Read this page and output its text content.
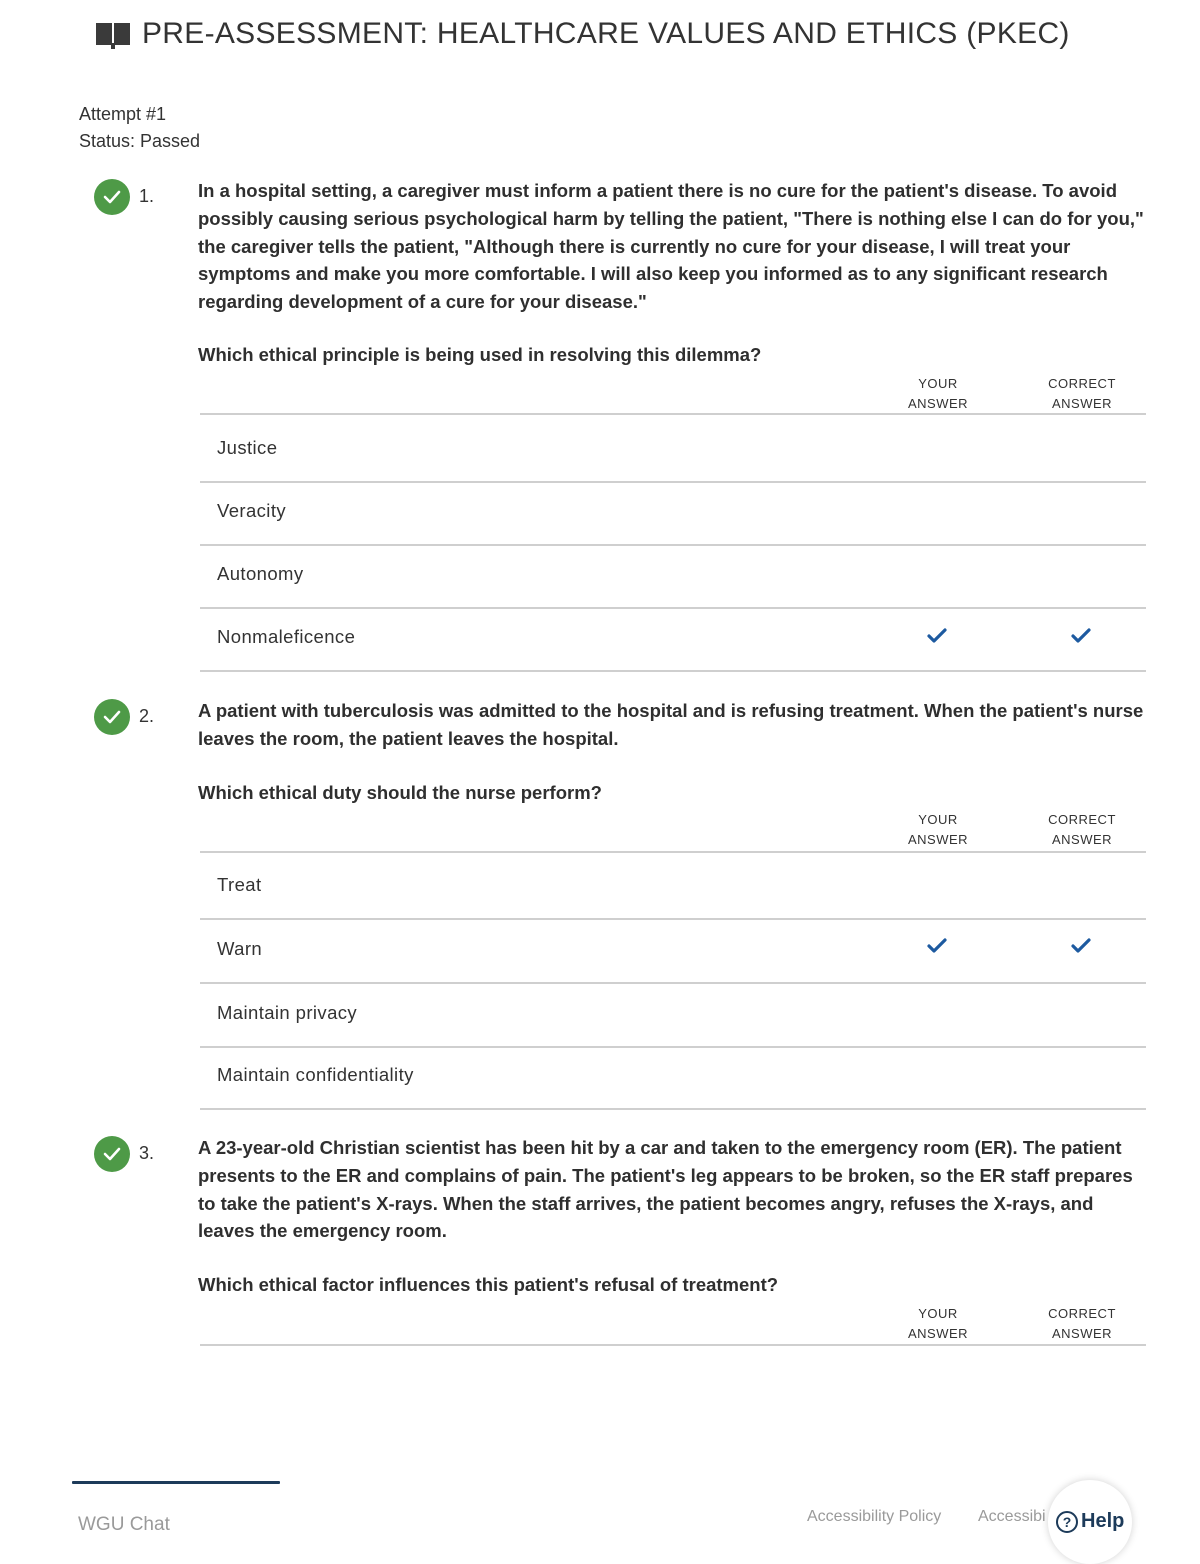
PRE-ASSESSMENT: HEALTHCARE VALUES AND ETHICS (PKEC)
Attempt #1
Status: Passed
1. In a hospital setting, a caregiver must inform a patient there is no cure for the patient's disease. To avoid possibly causing serious psychological harm by telling the patient, "There is nothing else I can do for you," the caregiver tells the patient, "Although there is currently no cure for your disease, I will treat your symptoms and make you more comfortable. I will also keep you informed as to any significant research regarding development of a cure for your disease."
Which ethical principle is being used in resolving this dilemma?
YOUR
ANSWER
CORRECT
ANSWER
Justice
Veracity
Autonomy
Nonmaleficence
2. A patient with tuberculosis was admitted to the hospital and is refusing treatment. When the patient's nurse leaves the room, the patient leaves the hospital.
Which ethical duty should the nurse perform?
YOUR
ANSWER
CORRECT
ANSWER
Treat
Warn
Maintain privacy
Maintain confidentiality
3. A 23-year-old Christian scientist has been hit by a car and taken to the emergency room (ER). The patient presents to the ER and complains of pain. The patient's leg appears to be broken, so the ER staff prepares to take the patient's X-rays. When the staff arrives, the patient becomes angry, refuses the X-rays, and leaves the emergency room.
Which ethical factor influences this patient's refusal of treatment?
YOUR
ANSWER
CORRECT
ANSWER
WGU Chat	Accessibility Policy Accessibi	? Help
